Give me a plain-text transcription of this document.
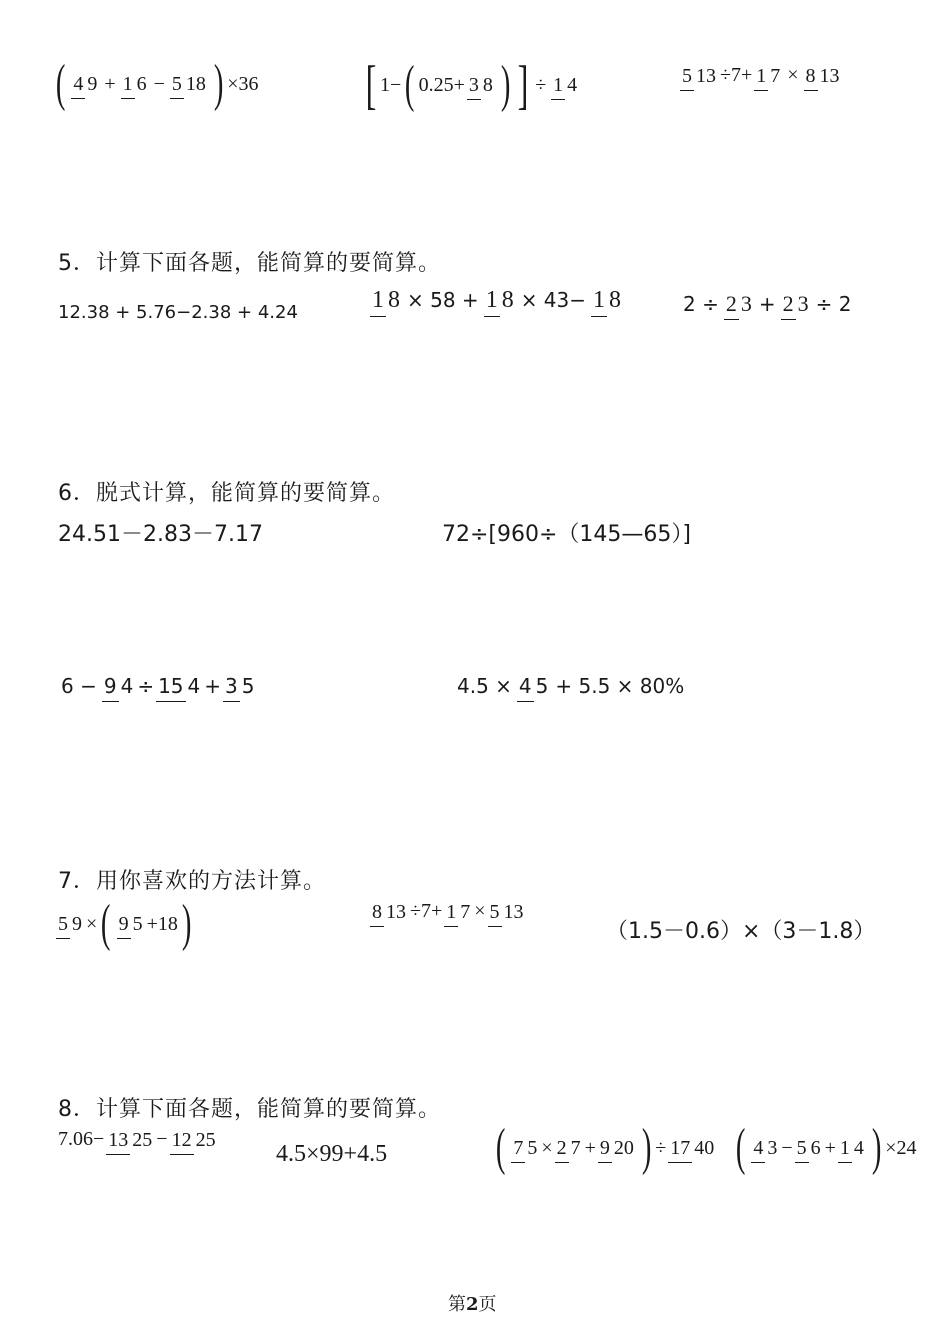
( 4 9 + 1 6 − 5 18 ) ×36 [ 1− ( 0.25+ 3 8 ) ] ÷ 1 4	5 13 ÷7+ 1 7 × 8 13
5．计算下面各题，能简算的要简算。
12.38 + 5.76−2.38 + 4.24	1 8 × 58 + 1 8 × 43− 1 8	2 ÷ 2 3 + 2 3 ÷ 2
6．脱式计算，能简算的要简算。
24.51－2.83－7.17	72÷[960÷（145—65）]
6 − 9 4 ÷ 15 4 + 3 5	4.5 × 4 5 + 5.5 × 80%
7．用你喜欢的方法计算。
5 9 × ( 9 5 +18 )	8 13 ÷7+ 1 7 × 5 13
（1.5－0.6）×（3－1.8）
8．计算下面各题，能简算的要简算。
7.06− 13 25 − 12 25
4.5×99+4.5 ( 7 5 × 2 7 + 9 20 ) ÷ 17 40 ( 4 3 − 5 6 + 1 4 ) ×24
第2页
